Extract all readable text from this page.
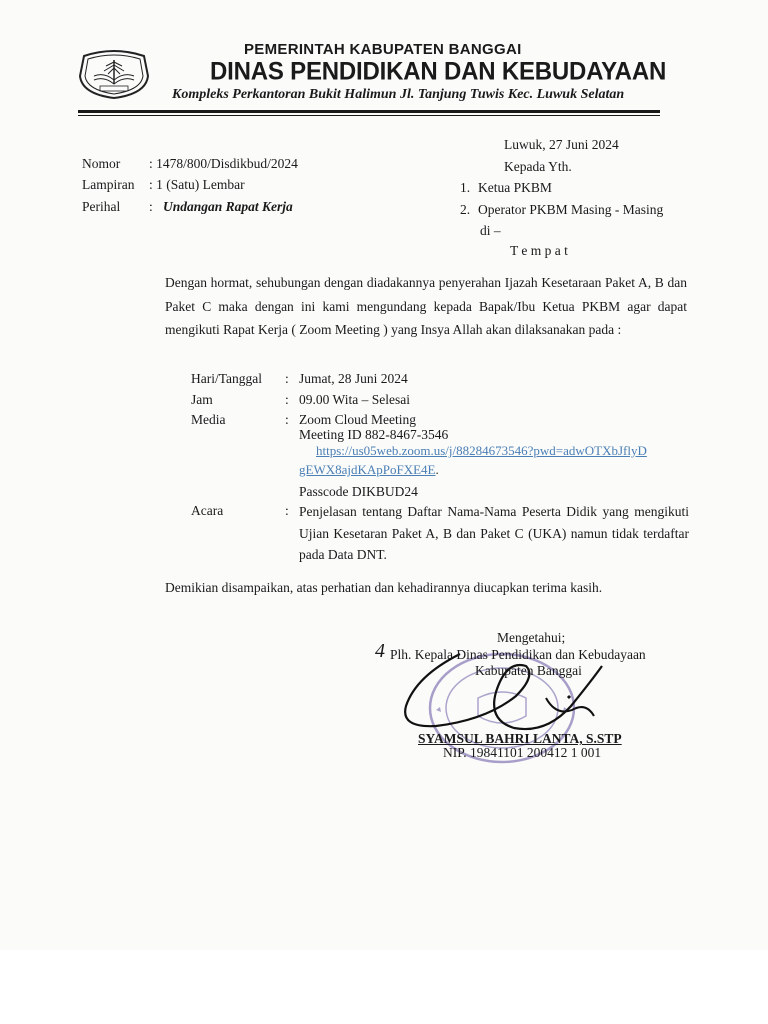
PEMERINTAH KABUPATEN BANGGAI
DINAS PENDIDIKAN DAN KEBUDAYAAN
Kompleks Perkantoran Bukit Halimun Jl. Tanjung Tuwis Kec. Luwuk Selatan
Luwuk, 27 Juni 2024
Kepada Yth.
1. Ketua PKBM
2. Operator PKBM Masing - Masing
di –
T e m p a t
Nomor : 1478/800/Disdikbud/2024
Lampiran : 1 (Satu) Lembar
Perihal : Undangan Rapat Kerja
Dengan hormat, sehubungan dengan diadakannya penyerahan Ijazah Kesetaraan Paket A, B dan Paket C maka dengan ini kami mengundang kepada Bapak/Ibu Ketua PKBM agar dapat mengikuti Rapat Kerja ( Zoom Meeting ) yang Insya Allah akan dilaksanakan pada :
Hari/Tanggal : Jumat, 28 Juni 2024
Jam	: 09.00 Wita – Selesai
Media	: Zoom Cloud Meeting
Meeting ID 882-8467-3546
https://us05web.zoom.us/j/88284673546?pwd=adwOTXbJflyD
gEWX8ajdKApPoFXE4E.
Passcode DIKBUD24
Acara	: Penjelasan tentang Daftar Nama-Nama Peserta Didik yang mengikuti Ujian Kesetaran Paket A, B dan Paket C (UKA) namun tidak terdaftar pada Data DNT.
Demikian disampaikan, atas perhatian dan kehadirannya diucapkan terima kasih.
4
Mengetahui;
Plh. Kepala Dinas Pendidikan dan Kebudayaan
Kabupaten Banggai
SYAMSUL BAHRI LANTA, S.STP
NIP. 19841101 200412 1 001
